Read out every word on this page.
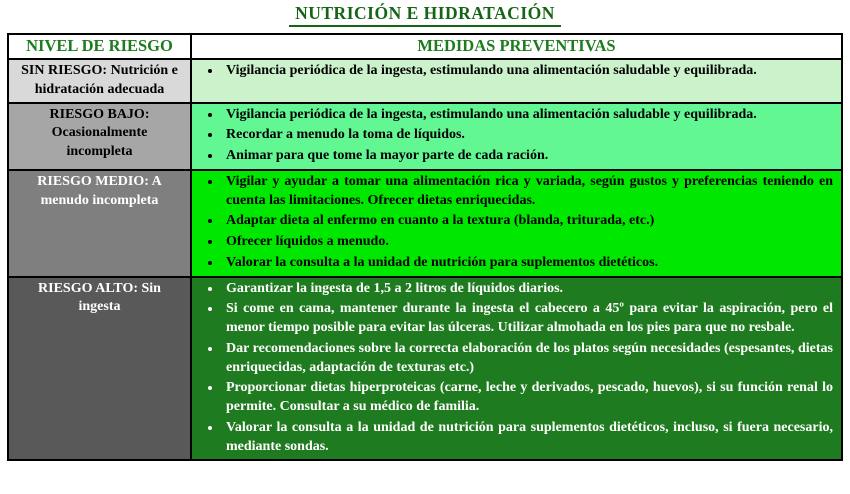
NUTRICIÓN E HIDRATACIÓN
NIVEL DE RIESGO	MEDIDAS PREVENTIVAS
SIN RIESGO: Nutrición e hidratación adecuada	
• Vigilancia periódica de la ingesta, estimulando una alimentación saludable y equilibrada.

RIESGO BAJO: Ocasionalmente incompleta	
• Vigilancia periódica de la ingesta, estimulando una alimentación saludable y equilibrada.
• Recordar a menudo la toma de líquidos.
• Animar para que tome la mayor parte de cada ración.

RIESGO MEDIO: A menudo incompleta	
• Vigilar y ayudar a tomar una alimentación rica y variada, según gustos y preferencias teniendo en cuenta las limitaciones. Ofrecer dietas enriquecidas.
• Adaptar dieta al enfermo en cuanto a la textura (blanda, triturada, etc.)
• Ofrecer líquidos a menudo.
• Valorar la consulta a la unidad de nutrición para suplementos dietéticos.

RIESGO ALTO: Sin ingesta	
• Garantizar la ingesta de 1,5 a 2 litros de líquidos diarios.
• Si come en cama, mantener durante la ingesta el cabecero a 45º para evitar la aspiración, pero el menor tiempo posible para evitar las úlceras. Utilizar almohada en los pies para que no resbale.
• Dar recomendaciones sobre la correcta elaboración de los platos según necesidades (espesantes, dietas enriquecidas, adaptación de texturas etc.)
• Proporcionar dietas hiperproteicas (carne, leche y derivados, pescado, huevos), si su función renal lo permite. Consultar a su médico de familia.
• Valorar la consulta a la unidad de nutrición para suplementos dietéticos, incluso, si fuera necesario, mediante sondas.
